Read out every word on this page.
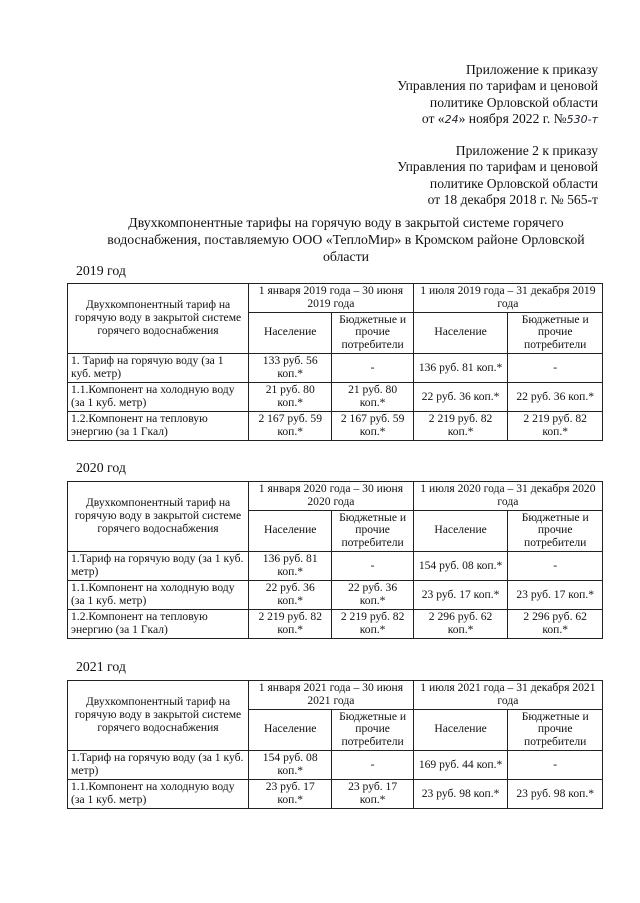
Приложение к приказу
Управления по тарифам и ценовой
политике Орловской области
от «24» ноября 2022 г. №530-т
Приложение 2 к приказу
Управления по тарифам и ценовой
политике Орловской области
от 18 декабря 2018 г. № 565-т
Двухкомпонентные тарифы на горячую воду в закрытой системе горячего водоснабжения, поставляемую ООО «ТеплоМир» в Кромском районе Орловской области
2019 год
Двухкомпонентный тариф на горячую воду в закрытой системе горячего водоснабжения	1 января 2019 года – 30 июня 2019 года		1 июля 2019 года – 31 декабря 2019 года	
	Население	Бюджетные и прочие потребители	Население	Бюджетные и прочие потребители
1. Тариф на горячую воду (за 1 куб. метр)	133 руб. 56 коп.*	-	136 руб. 81 коп.*	-
1.1.Компонент на холодную воду (за 1 куб. метр)	21 руб. 80 коп.*	21 руб. 80 коп.*	22 руб. 36 коп.*	22 руб. 36 коп.*
1.2.Компонент на тепловую энергию (за 1 Гкал)	2 167 руб. 59 коп.*	2 167 руб. 59 коп.*	2 219 руб. 82 коп.*	2 219 руб. 82 коп.*
2020 год
Двухкомпонентный тариф на горячую воду в закрытой системе горячего водоснабжения	1 января 2020 года – 30 июня 2020 года		1 июля 2020 года – 31 декабря 2020 года	
	Население	Бюджетные и прочие потребители	Население	Бюджетные и прочие потребители
1.Тариф на горячую воду (за 1 куб. метр)	136 руб. 81 коп.*	-	154 руб. 08 коп.*	-
1.1.Компонент на холодную воду (за 1 куб. метр)	22 руб. 36 коп.*	22 руб. 36 коп.*	23 руб. 17 коп.*	23 руб. 17 коп.*
1.2.Компонент на тепловую энергию (за 1 Гкал)	2 219 руб. 82 коп.*	2 219 руб. 82 коп.*	2 296 руб. 62 коп.*	2 296 руб. 62 коп.*
2021 год
Двухкомпонентный тариф на горячую воду в закрытой системе горячего водоснабжения	1 января 2021 года – 30 июня 2021 года		1 июля 2021 года – 31 декабря 2021 года	
	Население	Бюджетные и прочие потребители	Население	Бюджетные и прочие потребители
1.Тариф на горячую воду (за 1 куб. метр)	154 руб. 08 коп.*	-	169 руб. 44 коп.*	-
1.1.Компонент на холодную воду (за 1 куб. метр)	23 руб. 17 коп.*	23 руб. 17 коп.*	23 руб. 98 коп.*	23 руб. 98 коп.*
